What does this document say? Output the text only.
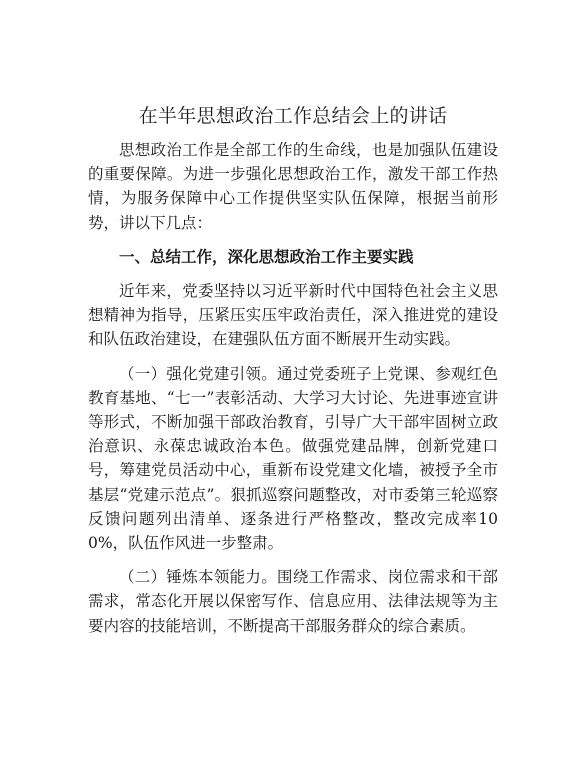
在半年思想政治工作总结会上的讲话

思想政治工作是全部工作的生命线，也是加强队伍建设的重要保障。为进一步强化思想政治工作，激发干部工作热情，为服务保障中心工作提供坚实队伍保障，根据当前形势，讲以下几点：

一、总结工作，深化思想政治工作主要实践

近年来，党委坚持以习近平新时代中国特色社会主义思想精神为指导，压紧压实压牢政治责任，深入推进党的建设和队伍政治建设，在建强队伍方面不断展开生动实践。

（一）强化党建引领。通过党委班子上党课、参观红色教育基地、“七一”表彰活动、大学习大讨论、先进事迹宣讲等形式，不断加强干部政治教育，引导广大干部牢固树立政治意识、永葆忠诚政治本色。做强党建品牌，创新党建口号，筹建党员活动中心，重新布设党建文化墙，被授予全市基层“党建示范点”。狠抓巡察问题整改，对市委第三轮巡察反馈问题列出清单、逐条进行严格整改，整改完成率100%，队伍作风进一步整肃。

（二）锤炼本领能力。围绕工作需求、岗位需求和干部需求，常态化开展以保密写作、信息应用、法律法规等为主要内容的技能培训，不断提高干部服务群众的综合素质。
